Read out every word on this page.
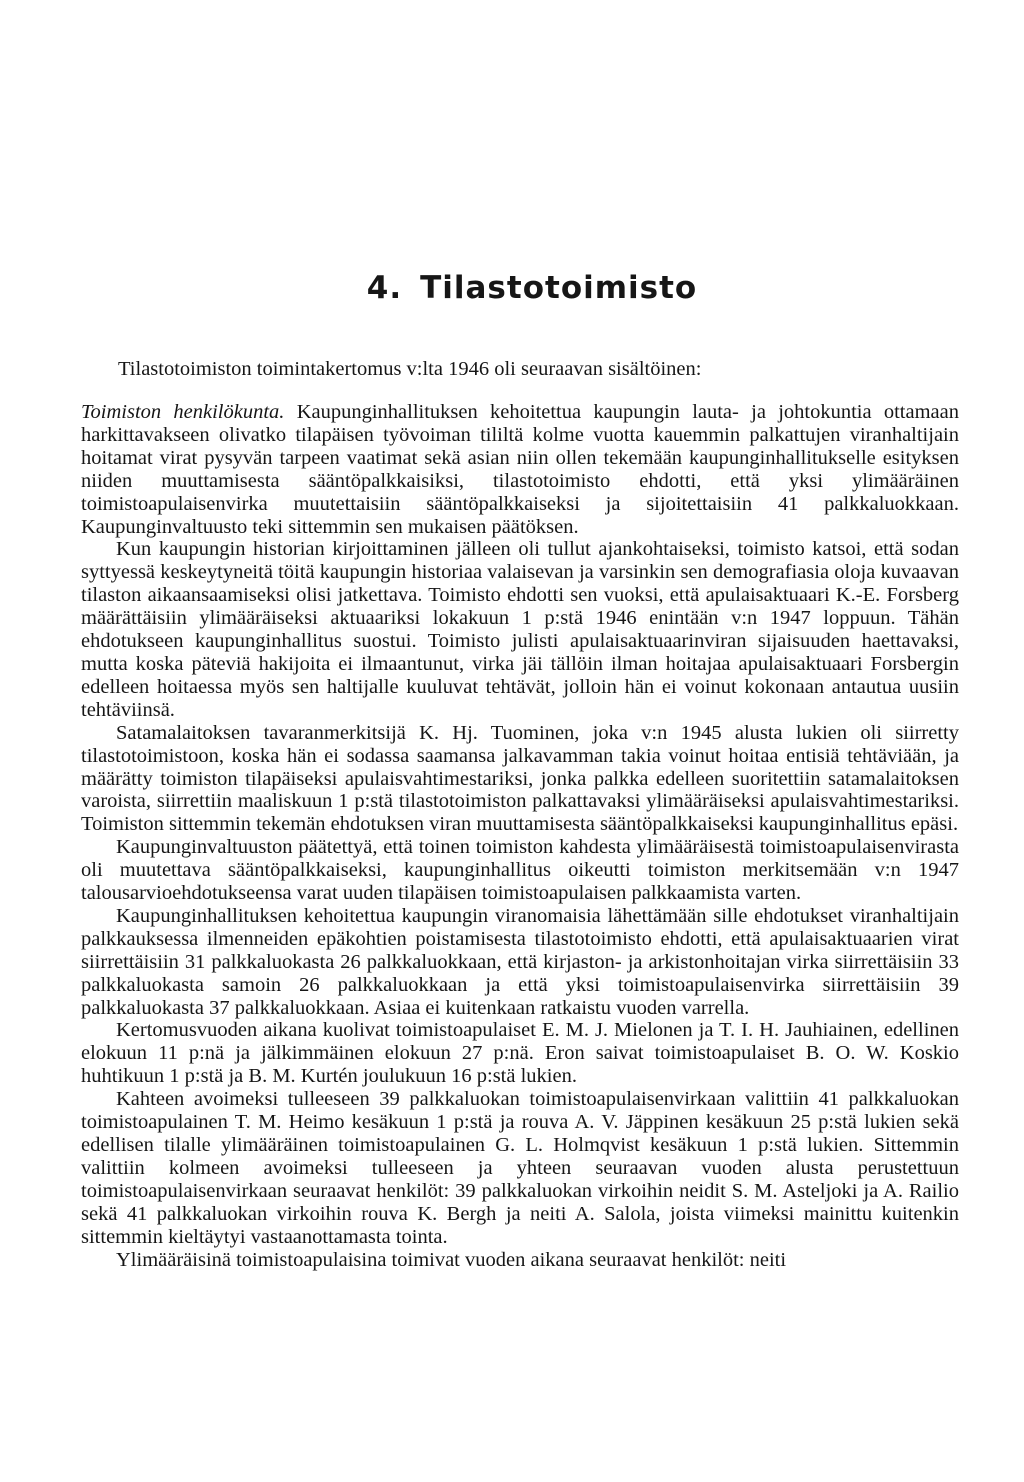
4. Tilastotoimisto
Tilastotoimiston toimintakertomus v:lta 1946 oli seuraavan sisältöinen:

Toimiston henkilökunta. Kaupunginhallituksen kehoitettua kaupungin lauta- ja johtokuntia ottamaan harkittavakseen olivatko tilapäisen työvoiman tililtä kolme vuotta kauemmin palkattujen viranhaltijain hoitamat virat pysyvän tarpeen vaatimat sekä asian niin ollen tekemään kaupunginhallitukselle esityksen niiden muuttamisesta sääntöpalkkaisiksi, tilastotoimisto ehdotti, että yksi ylimääräinen toimistoapulaisenvirka muutettaisiin sääntöpalkkaiseksi ja sijoitettaisiin 41 palkkaluokkaan. Kaupunginvaltuusto teki sittemmin sen mukaisen päätöksen.

Kun kaupungin historian kirjoittaminen jälleen oli tullut ajankohtaiseksi, toimisto katsoi, että sodan syttyessä keskeytyneitä töitä kaupungin historiaa valaisevan ja varsinkin sen demografiasia oloja kuvaavan tilaston aikaansaamiseksi olisi jatkettava. Toimisto ehdotti sen vuoksi, että apulaisaktuaari K.-E. Forsberg määrättäisiin ylimääräiseksi aktuaariksi lokakuun 1 p:stä 1946 enintään v:n 1947 loppuun. Tähän ehdotukseen kaupunginhallitus suostui. Toimisto julisti apulaisaktuaarinviran sijaisuuden haettavaksi, mutta koska päteviä hakijoita ei ilmaantunut, virka jäi tällöin ilman hoitajaa apulaisaktuaari Forsbergin edelleen hoitaessa myös sen haltijalle kuuluvat tehtävät, jolloin hän ei voinut kokonaan antautua uusiin tehtäviinsä.

Satamalaitoksen tavaranmerkitsijä K. Hj. Tuominen, joka v:n 1945 alusta lukien oli siirretty tilastotoimistoon, koska hän ei sodassa saamansa jalkavamman takia voinut hoitaa entisiä tehtäviään, ja määrätty toimiston tilapäiseksi apulaisvahtimestariksi, jonka palkka edelleen suoritettiin satamalaitoksen varoista, siirrettiin maaliskuun 1 p:stä tilastotoimiston palkattavaksi ylimääräiseksi apulaisvahtimestariksi. Toimiston sittemmin tekemän ehdotuksen viran muuttamisesta sääntöpalkkaiseksi kaupunginhallitus epäsi.

Kaupunginvaltuuston päätettyä, että toinen toimiston kahdesta ylimääräisestä toimistoapulaisenvirasta oli muutettava sääntöpalkkaiseksi, kaupunginhallitus oikeutti toimiston merkitsemään v:n 1947 talousarvioehdotukseensa varat uuden tilapäisen toimistoapulaisen palkkaamista varten.

Kaupunginhallituksen kehoitettua kaupungin viranomaisia lähettämään sille ehdotukset viranhaltijain palkkauksessa ilmenneiden epäkohtien poistamisesta tilastotoimisto ehdotti, että apulaisaktuaarien virat siirrettäisiin 31 palkkaluokasta 26 palkkaluokkaan, että kirjaston- ja arkistonhoitajan virka siirrettäisiin 33 palkkaluokasta samoin 26 palkkaluokkaan ja että yksi toimistoapulaisenvirka siirrettäisiin 39 palkkaluokasta 37 palkkaluokkaan. Asiaa ei kuitenkaan ratkaistu vuoden varrella.

Kertomusvuoden aikana kuolivat toimistoapulaiset E. M. J. Mielonen ja T. I. H. Jauhiainen, edellinen elokuun 11 p:nä ja jälkimmäinen elokuun 27 p:nä. Eron saivat toimistoapulaiset B. O. W. Koskio huhtikuun 1 p:stä ja B. M. Kurtén joulukuun 16 p:stä lukien.

Kahteen avoimeksi tulleeseen 39 palkkaluokan toimistoapulaisenvirkaan valittiin 41 palkkaluokan toimistoapulainen T. M. Heimo kesäkuun 1 p:stä ja rouva A. V. Jäppinen kesäkuun 25 p:stä lukien sekä edellisen tilalle ylimääräinen toimistoapulainen G. L. Holmqvist kesäkuun 1 p:stä lukien. Sittemmin valittiin kolmeen avoimeksi tulleeseen ja yhteen seuraavan vuoden alusta perustettuun toimistoapulaisenvirkaan seuraavat henkilöt: 39 palkkaluokan virkoihin neidit S. M. Asteljoki ja A. Railio sekä 41 palkkaluokan virkoihin rouva K. Bergh ja neiti A. Salola, joista viimeksi mainittu kuitenkin sittemmin kieltäytyi vastaanottamasta tointa.

Ylimääräisinä toimistoapulaisina toimivat vuoden aikana seuraavat henkilöt: neiti
